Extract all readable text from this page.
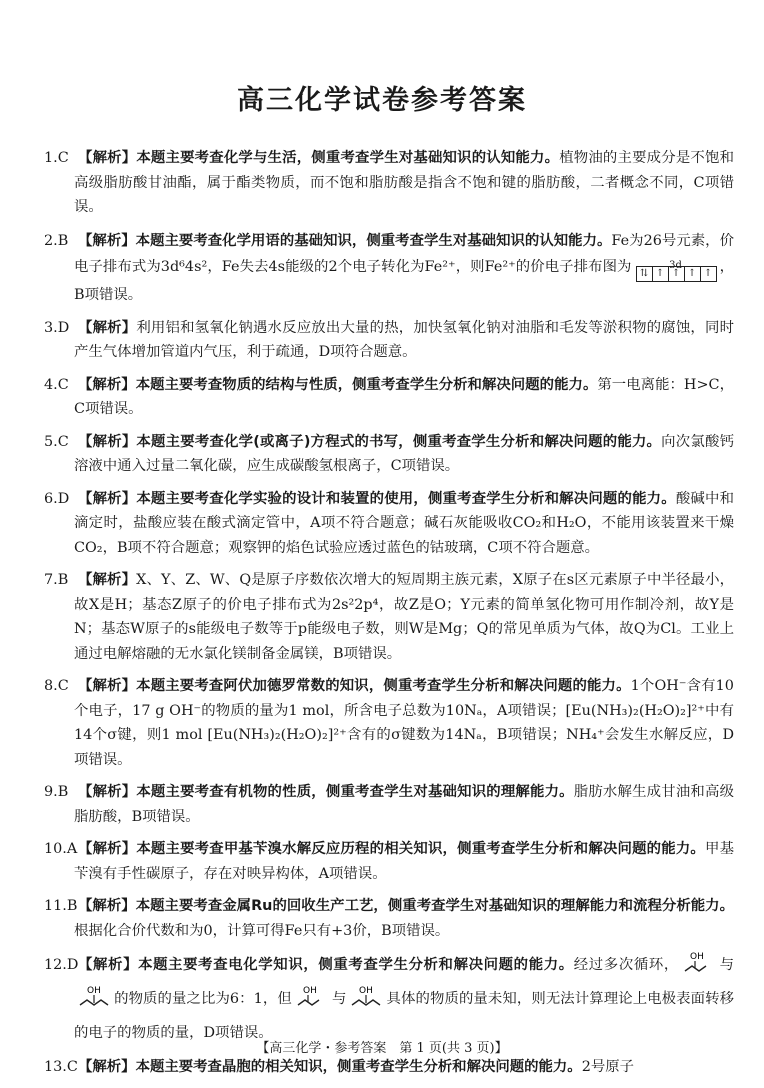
高三化学试卷参考答案
1.C 【解析】本题主要考查化学与生活，侧重考查学生对基础知识的认知能力。植物油的主要成分是不饱和高级脂肪酸甘油酯，属于酯类物质，而不饱和脂肪酸是指含不饱和键的脂肪酸，二者概念不同，C项错误。
2.B 【解析】本题主要考查化学用语的基础知识，侧重考查学生对基础知识的认知能力。Fe为26号元素，价电子排布式为3d⁶4s²，Fe失去4s能级的2个电子转化为Fe²⁺，则Fe²⁺的价电子排布图为	3d
⇅ ↑ ↑ ↑ ↑ ，B项错误。
3.D 【解析】利用铝和氢氧化钠遇水反应放出大量的热，加快氢氧化钠对油脂和毛发等淤积物的腐蚀，同时产生气体增加管道内气压，利于疏通，D项符合题意。
4.C 【解析】本题主要考查物质的结构与性质，侧重考查学生分析和解决问题的能力。第一电离能：H>C，C项错误。
5.C 【解析】本题主要考查化学(或离子)方程式的书写，侧重考查学生分析和解决问题的能力。向次氯酸钙溶液中通入过量二氧化碳，应生成碳酸氢根离子，C项错误。
6.D 【解析】本题主要考查化学实验的设计和装置的使用，侧重考查学生分析和解决问题的能力。酸碱中和滴定时，盐酸应装在酸式滴定管中，A项不符合题意；碱石灰能吸收CO₂和H₂O，不能用该装置来干燥CO₂，B项不符合题意；观察钾的焰色试验应透过蓝色的钴玻璃，C项不符合题意。
7.B 【解析】X、Y、Z、W、Q是原子序数依次增大的短周期主族元素，X原子在s区元素原子中半径最小，故X是H；基态Z原子的价电子排布式为2s²2p⁴，故Z是O；Y元素的简单氢化物可用作制冷剂，故Y是N；基态W原子的s能级电子数等于p能级电子数，则W是Mg；Q的常见单质为气体，故Q为Cl。工业上通过电解熔融的无水氯化镁制备金属镁，B项错误。
8.C 【解析】本题主要考查阿伏加德罗常数的知识，侧重考查学生分析和解决问题的能力。1个OH⁻含有10个电子，17 g OH⁻的物质的量为1 mol，所含电子总数为10Nₐ，A项错误；[Eu(NH₃)₂(H₂O)₂]²⁺中有14个σ键，则1 mol [Eu(NH₃)₂(H₂O)₂]²⁺含有的σ键数为14Nₐ，B项错误；NH₄⁺会发生水解反应，D项错误。
9.B 【解析】本题主要考查有机物的性质，侧重考查学生对基础知识的理解能力。脂肪水解生成甘油和高级脂肪酸，B项错误。
10.A 【解析】本题主要考查甲基苄溴水解反应历程的相关知识，侧重考查学生分析和解决问题的能力。甲基苄溴有手性碳原子，存在对映异构体，A项错误。
11.B 【解析】本题主要考查金属Ru的回收生产工艺，侧重考查学生对基础知识的理解能力和流程分析能力。根据化合价代数和为0，计算可得Fe只有+3价，B项错误。
12.D 【解析】本题主要考查电化学知识，侧重考查学生分析和解决问题的能力。经过多次循环， OH 与
OH 的物质的量之比为6：1，但 OH 与 OH 具体的物质的量未知，则无法计算理论上电极表面转移的电子的物质的量，D项错误。
13.C 【解析】本题主要考查晶胞的相关知识，侧重考查学生分析和解决问题的能力。2号原子
【高三化学・参考答案　第 1 页(共 3 页)】
